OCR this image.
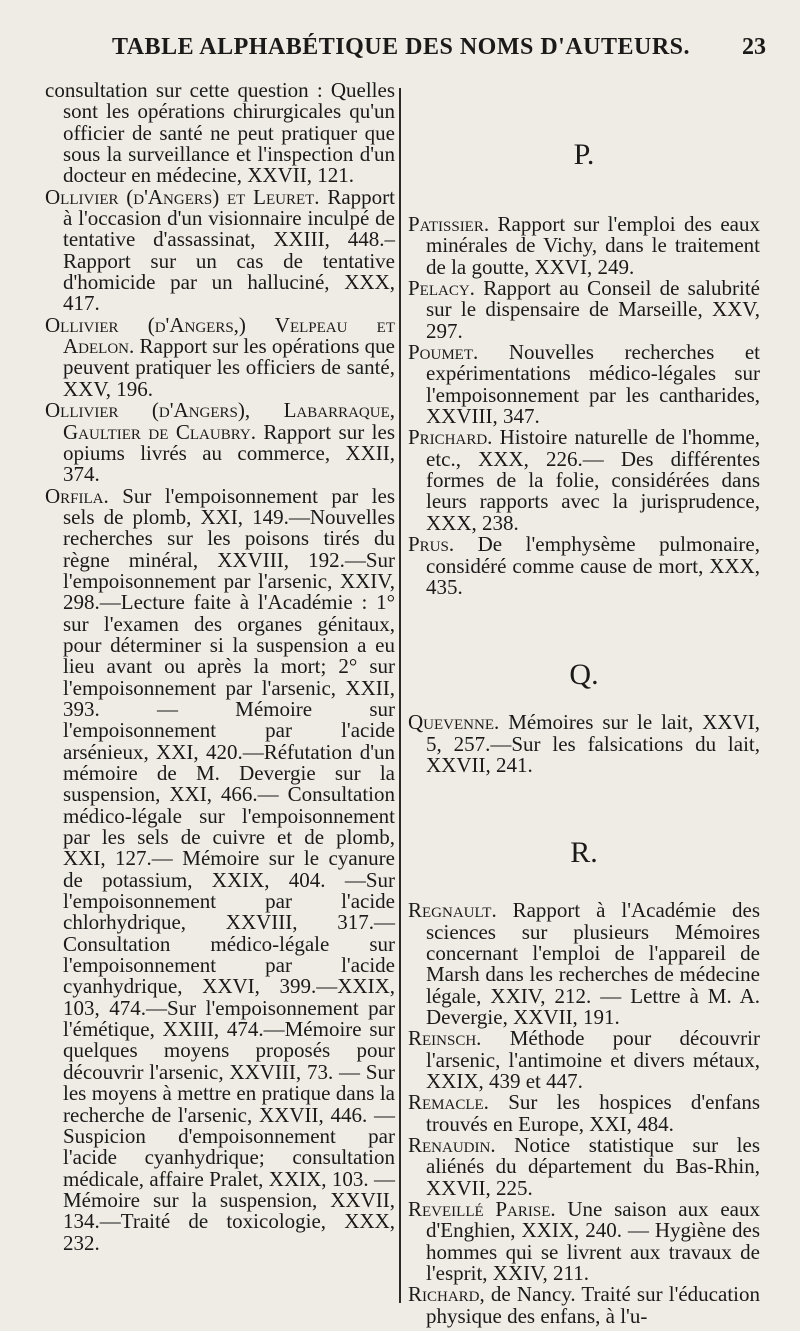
TABLE ALPHABÉTIQUE DES NOMS D'AUTEURS. 23

consultation sur cette question : Quelles sont les opérations chirurgicales qu'un officier de santé ne peut pratiquer que sous la surveillance et l'inspection d'un docteur en médecine, XXVII, 121.

Ollivier (d'Angers) et Leuret. Rapport à l'occasion d'un visionnaire inculpé de tentative d'assassinat, XXIII, 448.– Rapport sur un cas de tentative d'homicide par un halluciné, XXX, 417.

Ollivier (d'Angers,) Velpeau et Adelon. Rapport sur les opérations que peuvent pratiquer les officiers de santé, XXV, 196.

Ollivier (d'Angers), Labarraque, Gaultier de Claubry. Rapport sur les opiums livrés au commerce, XXII, 374.

Orfila. Sur l'empoisonnement par les sels de plomb, XXI, 149.—Nouvelles recherches sur les poisons tirés du règne minéral, XXVIII, 192.—Sur l'empoisonnement par l'arsenic, XXIV, 298.—Lecture faite à l'Académie : 1° sur l'examen des organes génitaux, pour déterminer si la suspension a eu lieu avant ou après la mort; 2° sur l'empoisonnement par l'arsenic, XXII, 393. — Mémoire sur l'empoisonnement par l'acide arsénieux, XXI, 420.—Réfutation d'un mémoire de M. Devergie sur la suspension, XXI, 466.— Consultation médico-légale sur l'empoisonnement par les sels de cuivre et de plomb, XXI, 127.— Mémoire sur le cyanure de potassium, XXIX, 404. —Sur l'empoisonnement par l'acide chlorhydrique, XXVIII, 317.— Consultation médico-légale sur l'empoisonnement par l'acide cyanhydrique, XXVI, 399.—XXIX, 103, 474.—Sur l'empoisonnement par l'émétique, XXIII, 474.—Mémoire sur quelques moyens proposés pour découvrir l'arsenic, XXVIII, 73. — Sur les moyens à mettre en pratique dans la recherche de l'arsenic, XXVII, 446. — Suspicion d'empoisonnement par l'acide cyanhydrique; consultation médicale, affaire Pralet, XXIX, 103. — Mémoire sur la suspension, XXVII, 134.—Traité de toxicologie, XXX, 232.

P.

Patissier. Rapport sur l'emploi des eaux minérales de Vichy, dans le traitement de la goutte, XXVI, 249.

Pelacy. Rapport au Conseil de salubrité sur le dispensaire de Marseille, XXV, 297.

Poumet. Nouvelles recherches et expérimentations médico-légales sur l'empoisonnement par les cantharides, XXVIII, 347.

Prichard. Histoire naturelle de l'homme, etc., XXX, 226.— Des différentes formes de la folie, considérées dans leurs rapports avec la jurisprudence, XXX, 238.

Prus. De l'emphysème pulmonaire, considéré comme cause de mort, XXX, 435.

Q.

Quevenne. Mémoires sur le lait, XXVI, 5, 257.—Sur les falsications du lait, XXVII, 241.

R.

Regnault. Rapport à l'Académie des sciences sur plusieurs Mémoires concernant l'emploi de l'appareil de Marsh dans les recherches de médecine légale, XXIV, 212. — Lettre à M. A. Devergie, XXVII, 191.

Reinsch. Méthode pour découvrir l'arsenic, l'antimoine et divers métaux, XXIX, 439 et 447.

Remacle. Sur les hospices d'enfans trouvés en Europe, XXI, 484.

Renaudin. Notice statistique sur les aliénés du département du Bas-Rhin, XXVII, 225.

Reveillé Parise. Une saison aux eaux d'Enghien, XXIX, 240. — Hygiène des hommes qui se livrent aux travaux de l'esprit, XXIV, 211.

Richard, de Nancy. Traité sur l'éducation physique des enfans, à l'u-
